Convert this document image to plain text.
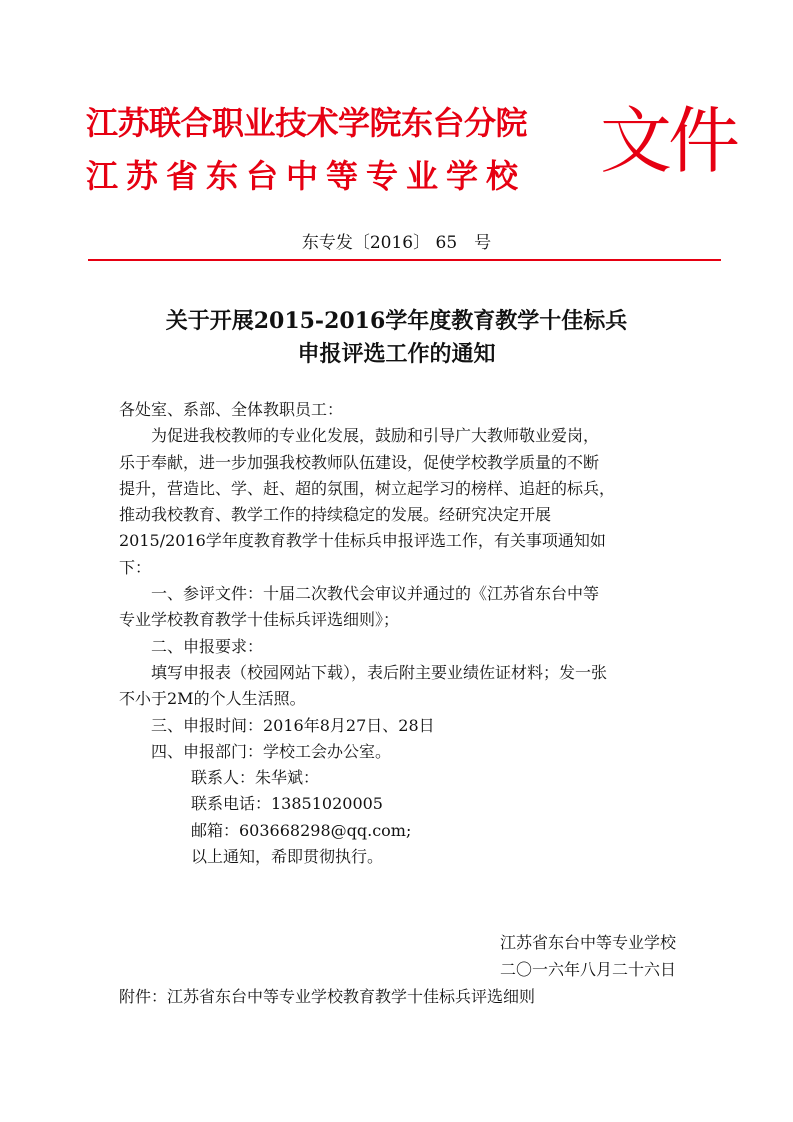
江苏联合职业技术学院东台分院
江苏省东台中等专业学校 文件
东专发〔2016〕 65　号
关于开展2015-2016学年度教育教学十佳标兵
申报评选工作的通知

各处室、系部、全体教职员工：

为促进我校教师的专业化发展，鼓励和引导广大教师敬业爱岗，

乐于奉献，进一步加强我校教师队伍建设，促使学校教学质量的不断

提升，营造比、学、赶、超的氛围，树立起学习的榜样、追赶的标兵，

推动我校教育、教学工作的持续稳定的发展。经研究决定开展

2015/2016学年度教育教学十佳标兵申报评选工作，有关事项通知如

下：

一、参评文件：十届二次教代会审议并通过的《江苏省东台中等

专业学校教育教学十佳标兵评选细则》；

二、申报要求：

填写申报表（校园网站下载），表后附主要业绩佐证材料；发一张

不小于2M的个人生活照。

三、申报时间：2016年8月27日、28日

四、申报部门：学校工会办公室。

联系人：朱华斌：

联系电话：13851020005

邮箱：603668298@qq.com;

以上通知，希即贯彻执行。

江苏省东台中等专业学校
二〇一六年八月二十六日
附件：江苏省东台中等专业学校教育教学十佳标兵评选细则
